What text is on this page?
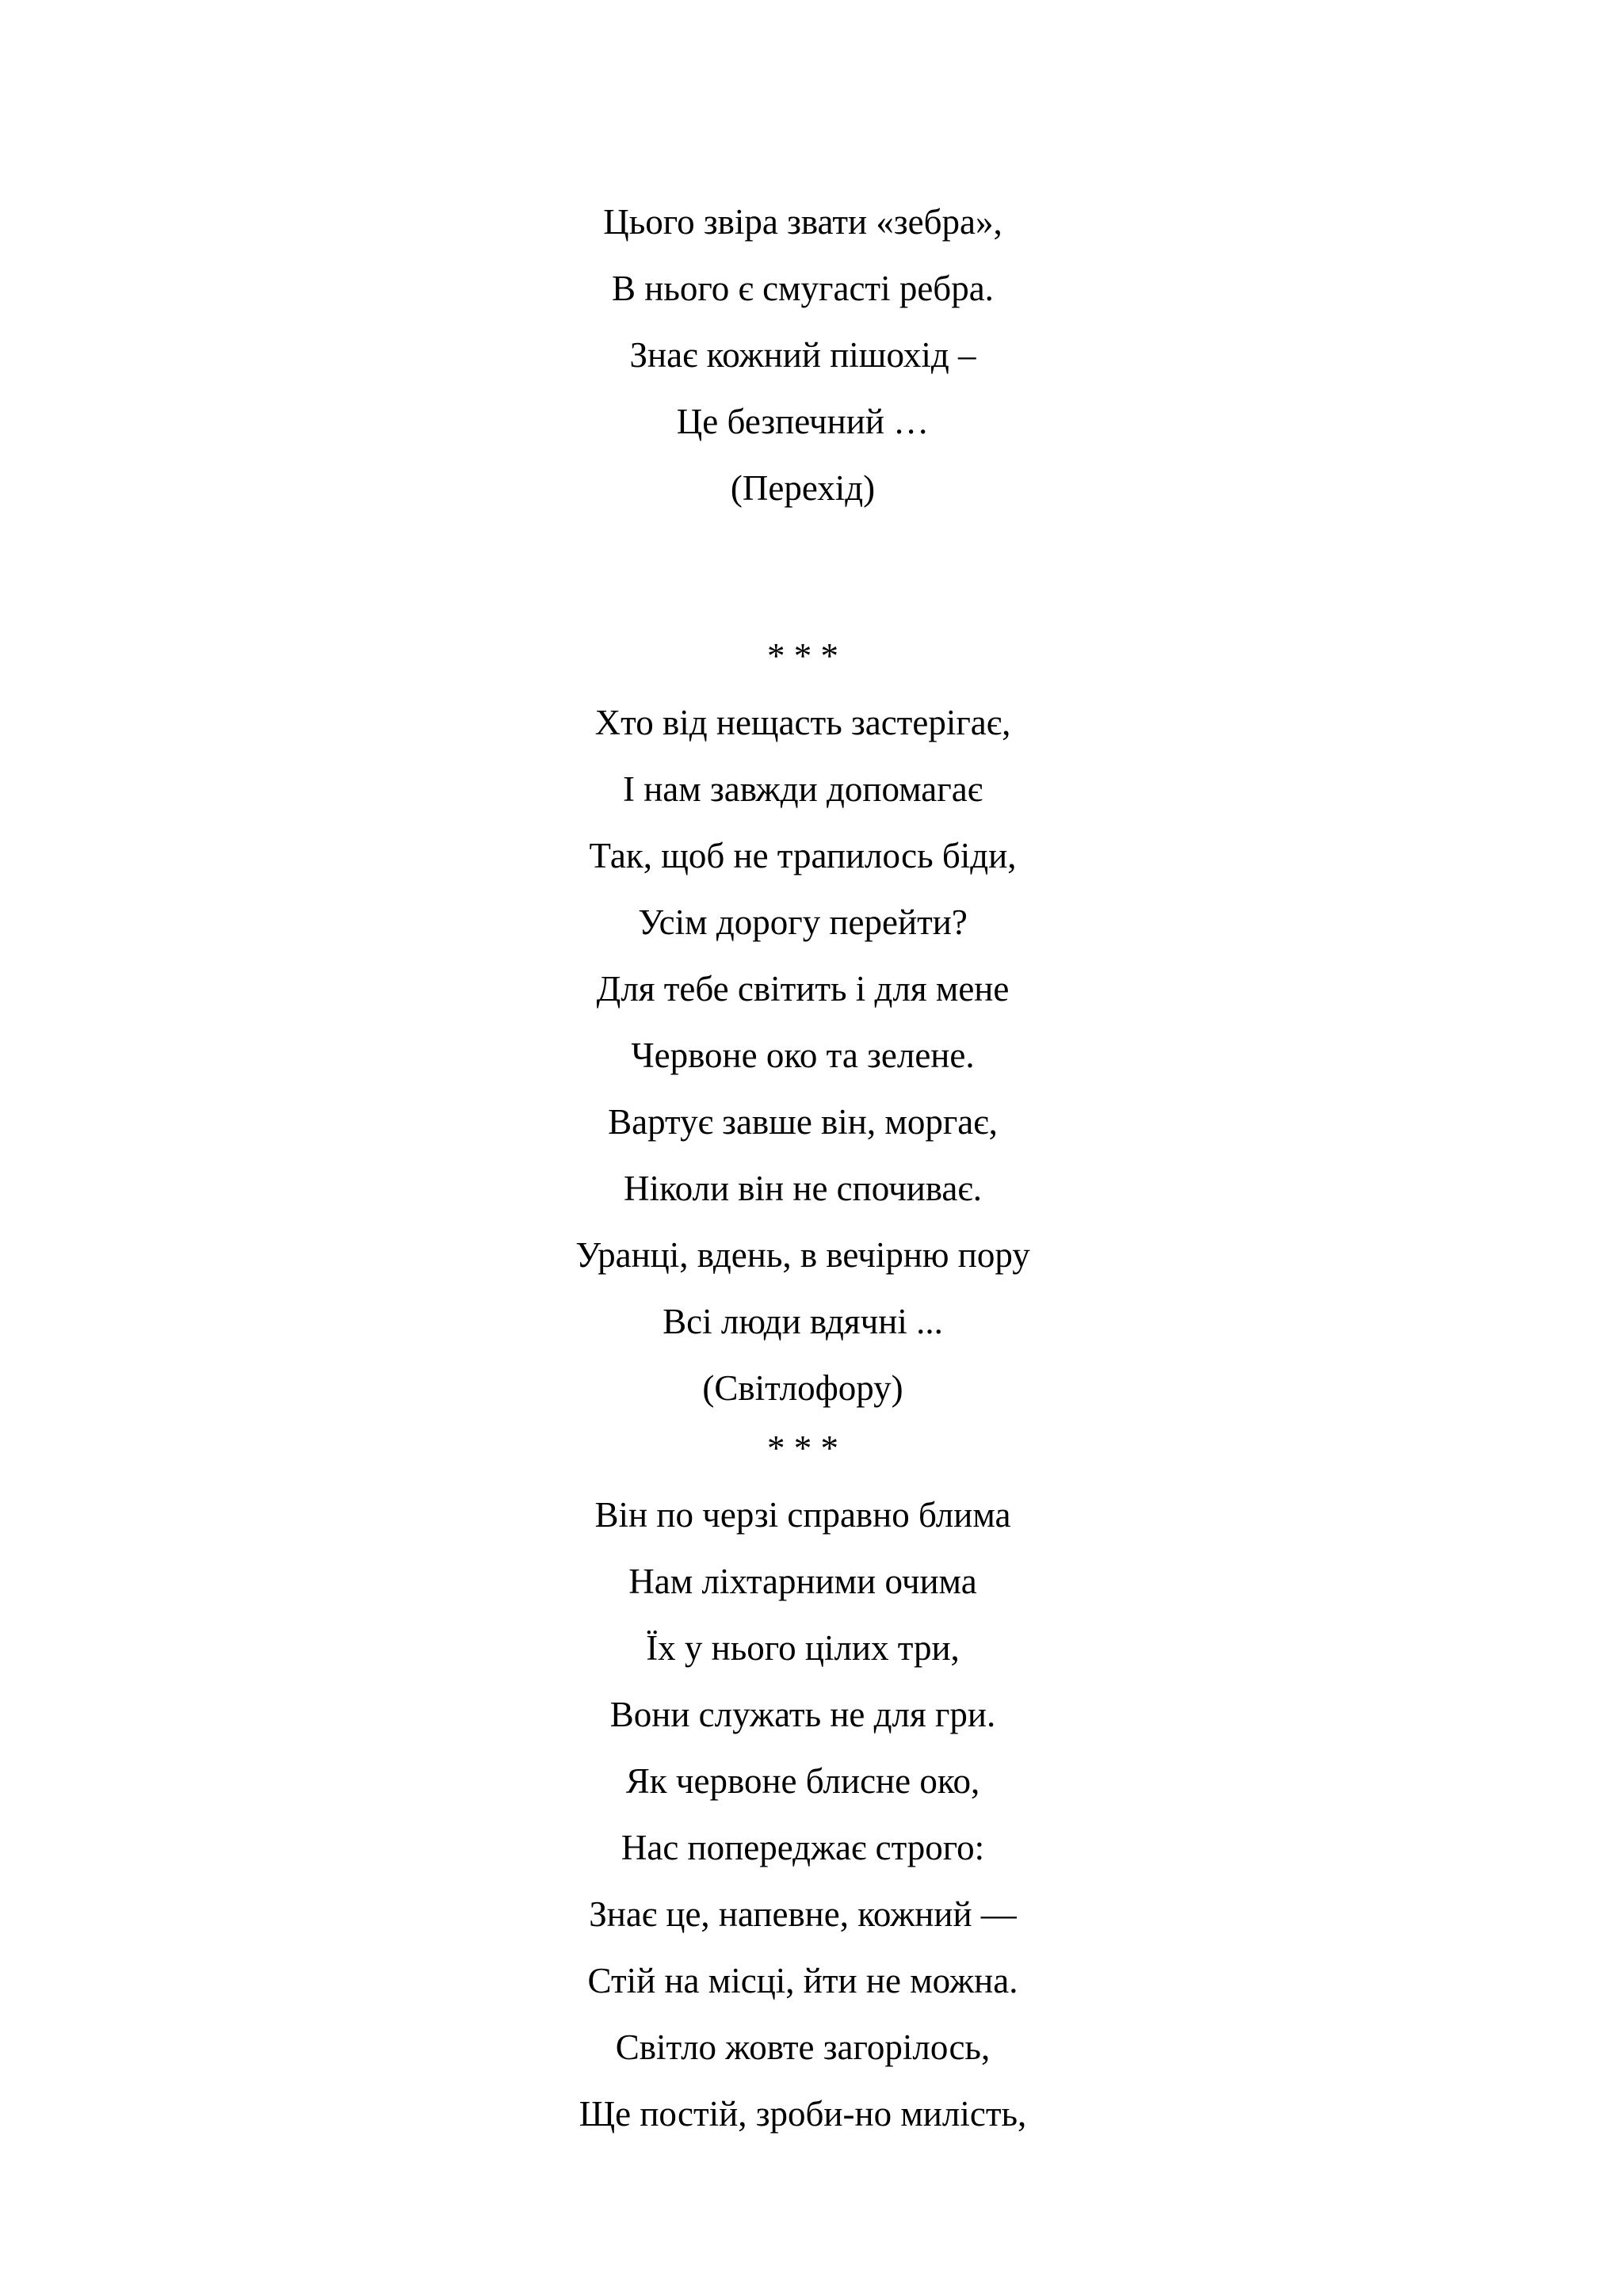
Цього звіра звати «зебра»,
В нього є смугасті ребра.
Знає кожний пішохід –
Це безпечний …
(Перехід)
* * *
Хто від нещасть застерігає,
І нам завжди допомагає
Так, щоб не трапилось біди,
Усім дорогу перейти?
Для тебе світить і для мене
Червоне око та зелене.
Вартує завше він, моргає,
Ніколи він не спочиває.
Уранці, вдень, в вечірню пору
Всі люди вдячні ...
(Світлофору)
* * *
Він по черзі справно блима
Нам ліхтарними очима
Їх у нього цілих три,
Вони служать не для гри.
Як червоне блисне око,
Нас попереджає строго:
Знає це, напевне, кожний —
Стій на місці, йти не можна.
Світло жовте загорілось,
Ще постій, зроби-но милість,
